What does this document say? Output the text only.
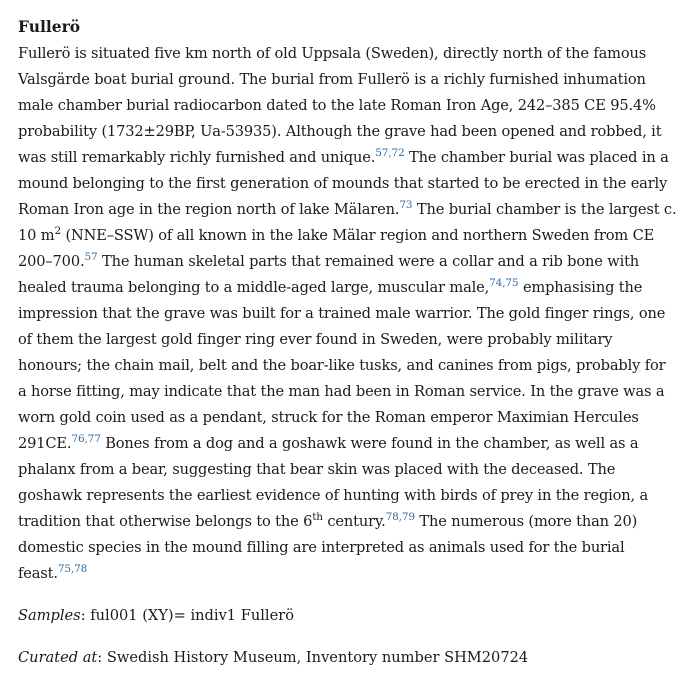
Fullerö
Fullerö is situated five km north of old Uppsala (Sweden), directly north of the famous
Valsgärde boat burial ground. The burial from Fullerö is a richly furnished inhumation
male chamber burial radiocarbon dated to the late Roman Iron Age, 242–385 CE 95.4%
probability (1732±29BP, Ua-53935). Although the grave had been opened and robbed, it
was still remarkably richly furnished and unique.$^{57,72}$ The chamber burial was placed in a
mound belonging to the first generation of mounds that started to be erected in the early
Roman Iron age in the region north of lake Mälaren.$^{73}$ The burial chamber is the largest c.
10 $m^2$ (NNE–SSW) of all known in the lake Mälar region and northern Sweden from CE
200–700.57 The human skeletal parts that remained were a collar and a rib bone with
healed trauma belonging to a middle-aged large, muscular male,$^{74,75}$ emphasising the
impression that the grave was built for a trained male warrior. The gold finger rings, one
of them the largest gold finger ring ever found in Sweden, were probably military
honours; the chain mail, belt and the boar-like tusks, and canines from pigs, probably for
a horse fitting, may indicate that the man had been in Roman service. In the grave was a
worn gold coin used as a pendant, struck for the Roman emperor Maximian Hercules
291CE.$^{76,77}$ Bones from a dog and a goshawk were found in the chamber, as well as a
phalanx from a bear, suggesting that bear skin was placed with the deceased. The
goshawk represents the earliest evidence of hunting with birds of prey in the region, a
tradition that otherwise belongs to the 6th century.$^{78,79}$ The numerous (more than 20)
domestic species in the mound filling are interpreted as animals used for the burial
feast.$^{75,78}$

Samples: ful001 (XY)= indiv1 Fullerö

Curated at: Swedish History Museum, Inventory number SHM20724
